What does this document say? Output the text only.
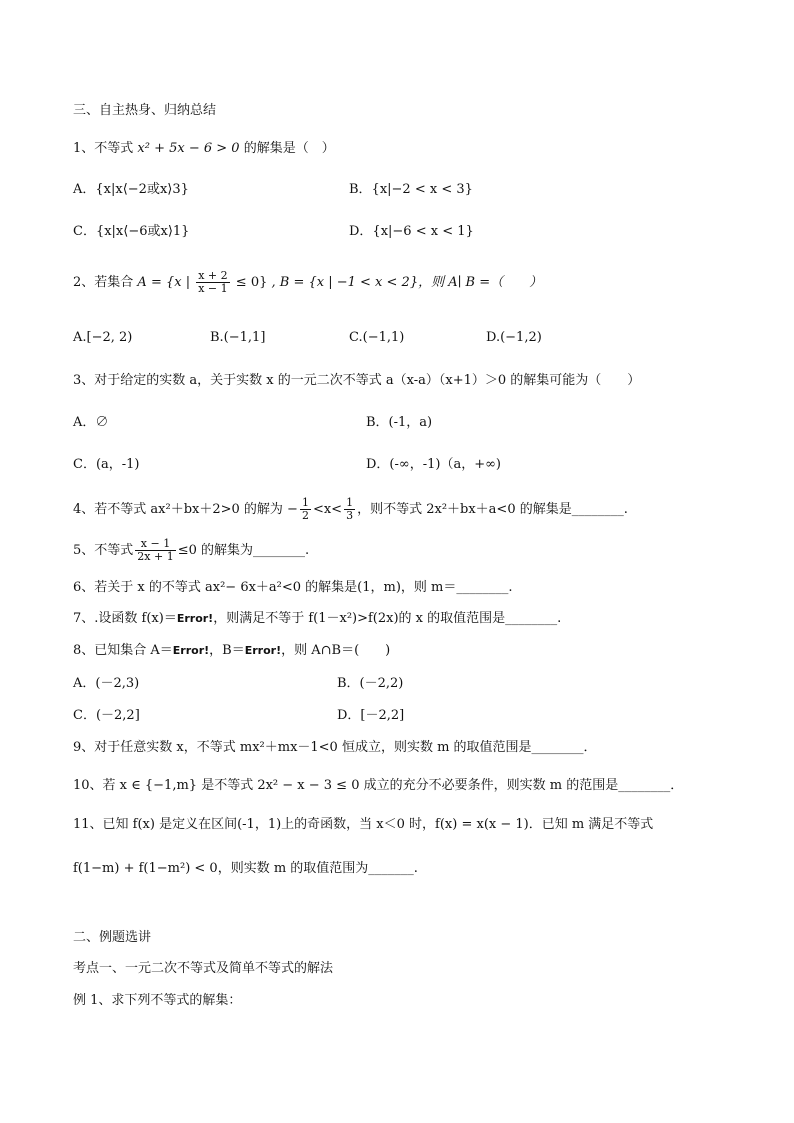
三、自主热身、归纳总结
1、不等式 x² + 5x − 6 > 0 的解集是（　）
A．{x|x⟨−2或x⟩3}	B．{x|−2 < x < 3}
C．{x|x⟨−6或x⟩1}	D．{x|−6 < x < 1}
2、若集合 A = {x | $\frac{x + 2}{x - 1} \le 0$} , B = {x | −1 < x < 2}，则 A∣ B =（　　）
A.[−2, 2)	B.(−1,1]	C.(−1,1)	D.(−1,2)
3、对于给定的实数 a，关于实数 x 的一元二次不等式 a（x-a）（x+1）＞0 的解集可能为（　　）
A．∅	B．(-1，a)
C．(a，-1)	D．(-∞，-1)（a，+∞)
4、若不等式 ax²＋bx＋2>0 的解为 − $\frac{1}{2} <x< \frac{1}{3}$ ，则不等式 2x²＋bx＋a<0 的解集是________.
5、不等式 $\frac{x - 1}{2x + 1} \le 0$ 的解集为________.
6、若关于 x 的不等式 ax²− 6x＋a²<0 的解集是(1，m)，则 m＝________.
7、.设函数 f(x)＝Error!，则满足不等于 f(1－x²)>f(2x)的 x 的取值范围是________.
8、已知集合 A＝Error!，B＝Error!，则 A∩B＝(　　)
A．(－2,3)	B．(－2,2)
C．(－2,2]	D．[－2,2]
9、对于任意实数 x，不等式 mx²＋mx－1<0 恒成立，则实数 m 的取值范围是________．
10、若 x ∈ {−1,m} 是不等式 2x² − x − 3 ≤ 0 成立的充分不必要条件，则实数 m 的范围是________．
11、已知 f(x) 是定义在区间(-1，1)上的奇函数，当 x＜0 时，f(x) = x(x − 1)．已知 m 满足不等式
f(1−m) + f(1−m²) < 0，则实数 m 的取值范围为_______.
二、例题选讲
考点一、一元二次不等式及简单不等式的解法
例 1、求下列不等式的解集：
